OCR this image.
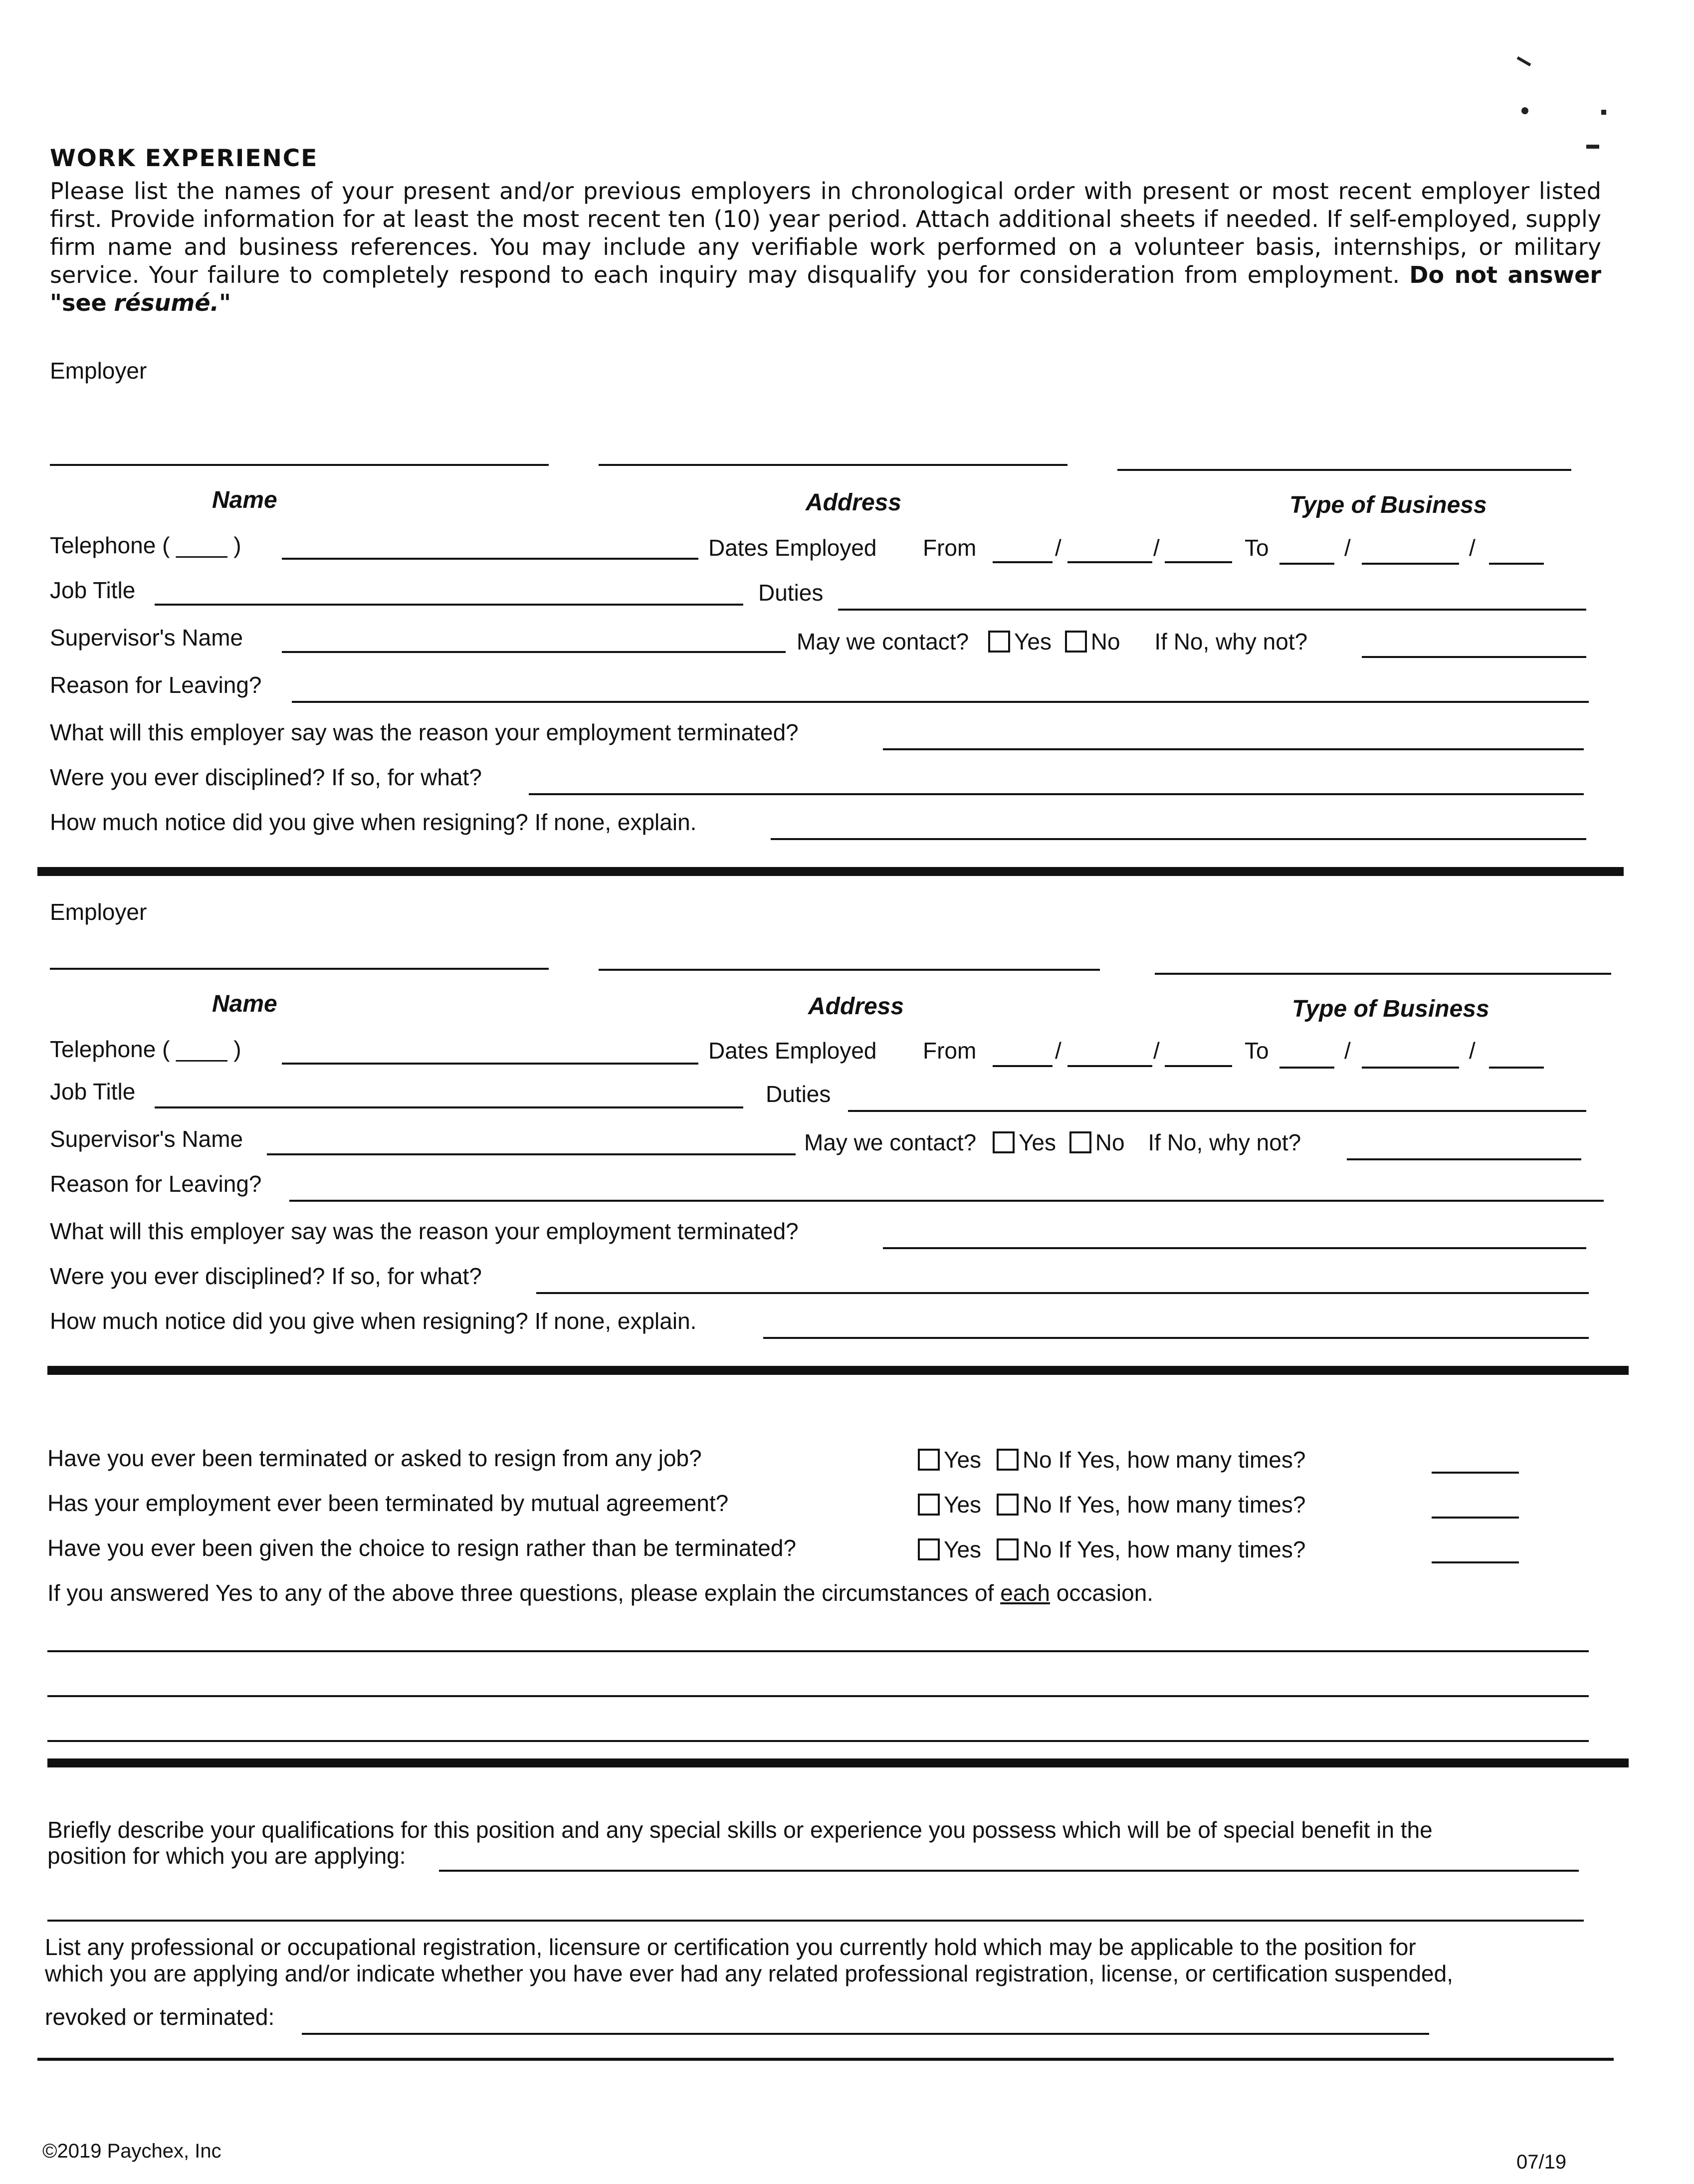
WORK EXPERIENCE
Please list the names of your present and/or previous employers in chronological order with present or most recent employer listed first. Provide information for at least the most recent ten (10) year period. Attach additional sheets if needed. If self-employed, supply firm name and business references. You may include any verifiable work performed on a volunteer basis, internships, or military service. Your failure to completely respond to each inquiry may disqualify you for consideration from employment. Do not answer "see résumé."
Employer
Name	Address	Type of Business
Telephone ( ____ )	Dates Employed From	/	/	To	/	/
Job Title	Duties
Supervisor's Name	May we contact? Yes No If No, why not?
Reason for Leaving?
What will this employer say was the reason your employment terminated?
Were you ever disciplined? If so, for what?
How much notice did you give when resigning? If none, explain.
Employer
Name	Address	Type of Business
Telephone ( ____ )	Dates Employed From	/	/	To	/	/
Job Title	Duties
Supervisor's Name	May we contact? Yes No If No, why not?
Reason for Leaving?
What will this employer say was the reason your employment terminated?
Were you ever disciplined? If so, for what?
How much notice did you give when resigning? If none, explain.
Have you ever been terminated or asked to resign from any job?	Yes No If Yes, how many times?
Has your employment ever been terminated by mutual agreement?	Yes No If Yes, how many times?
Have you ever been given the choice to resign rather than be terminated?	Yes No If Yes, how many times?
If you answered Yes to any of the above three questions, please explain the circumstances of each occasion.
Briefly describe your qualifications for this position and any special skills or experience you possess which will be of special benefit in the
position for which you are applying:
List any professional or occupational registration, licensure or certification you currently hold which may be applicable to the position for
which you are applying and/or indicate whether you have ever had any related professional registration, license, or certification suspended,
revoked or terminated:
©2019 Paychex, Inc	07/19
